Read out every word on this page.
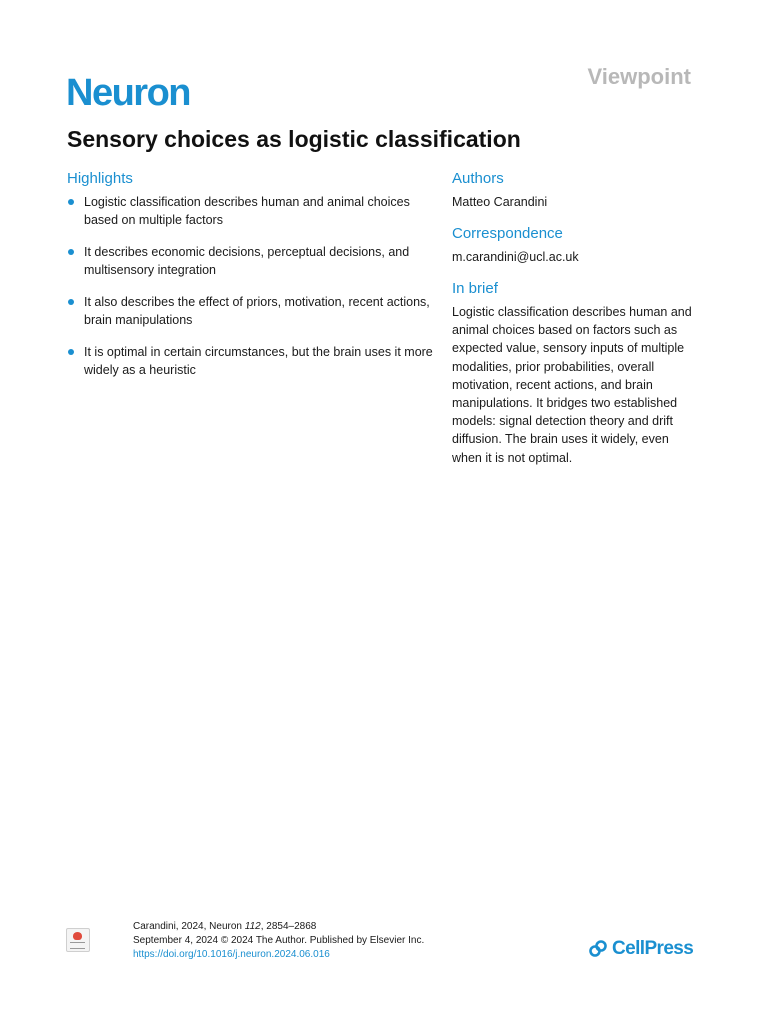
Viewpoint
Neuron
Sensory choices as logistic classification
Highlights
Logistic classification describes human and animal choices based on multiple factors
It describes economic decisions, perceptual decisions, and multisensory integration
It also describes the effect of priors, motivation, recent actions, brain manipulations
It is optimal in certain circumstances, but the brain uses it more widely as a heuristic
Authors

Matteo Carandini

Correspondence

m.carandini@ucl.ac.uk

In brief

Logistic classification describes human and animal choices based on factors such as expected value, sensory inputs of multiple modalities, prior probabilities, overall motivation, recent actions, and brain manipulations. It bridges two established models: signal detection theory and drift diffusion. The brain uses it widely, even when it is not optimal.

Carandini, 2024, Neuron 112, 2854–2868
September 4, 2024 © 2024 The Author. Published by Elsevier Inc.
https://doi.org/10.1016/j.neuron.2024.06.016	CellPress
